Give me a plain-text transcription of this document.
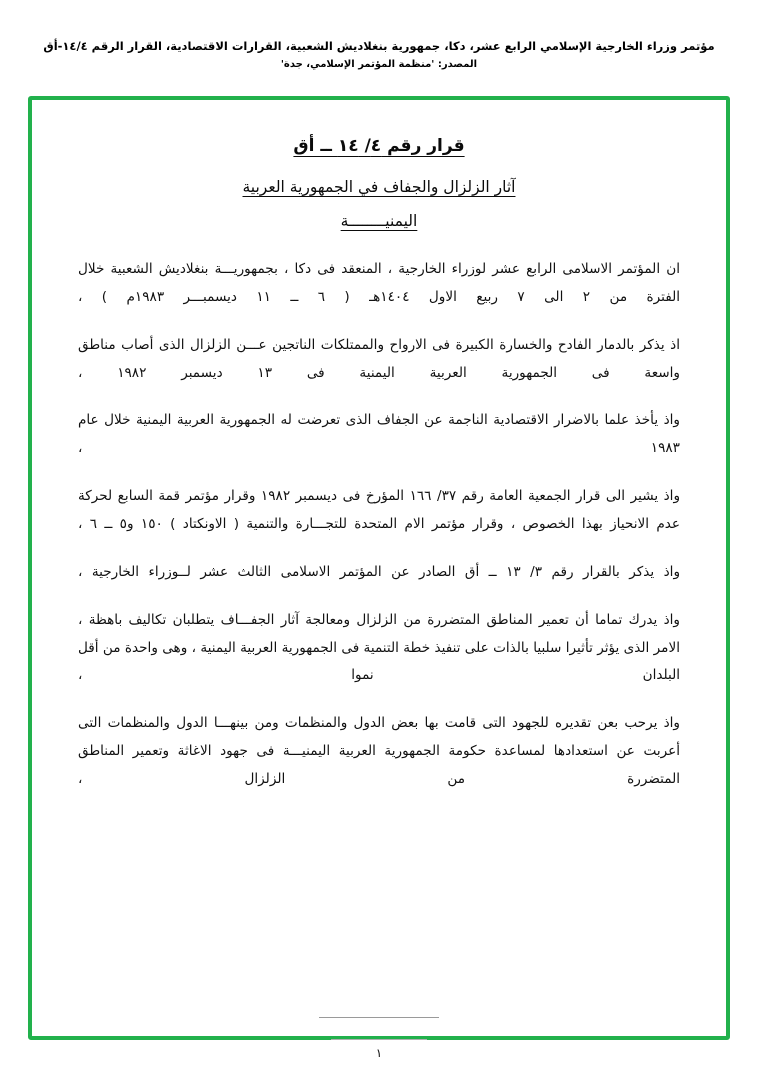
مؤتمر وزراء الخارجية الإسلامي الرابع عشر، دكا، جمهورية بنغلاديش الشعبية، القرارات الاقتصادية، القرار الرقم ١٤/٤-أق
المصدر: 'منظمة المؤتمر الإسلامي، جدة'
قرار رقم ٤/ ١٤ ــ أق
آثار الزلزال والجفاف في الجمهورية العربية
اليمنيــــــــة

ان المؤتمر الاسلامى الرابع عشر لوزراء الخارجية ، المنعقد فى دكا ، بجمهوريـــة بنغلاديش الشعبية خلال الفترة من ٢ الى ٧ ربيع الاول ١٤٠٤هـ ( ٦ ــ ١١ ديسمبـــر ١٩٨٣م ) ،

اذ يذكر بالدمار الفادح والخسارة الكبيرة فى الارواح والممتلكات الناتجين عـــن الزلزال الذى أصاب مناطق واسعة فى الجمهورية العربية اليمنية فى ١٣ ديسمبر ١٩٨٢ ،

واذ يأخذ علما بالاضرار الاقتصادية الناجمة عن الجفاف الذى تعرضت له الجمهورية العربية اليمنية خلال عام ١٩٨٣ ،

واذ يشير الى قرار الجمعية العامة رقم ٣٧/ ١٦٦ المؤرخ فى ديسمبر ١٩٨٢ وقرار مؤتمر قمة السابع لحركة عدم الانحياز بهذا الخصوص ، وقرار مؤتمر الام المتحدة للتجـــارة والتنمية ( الاونكتاد ) ١٥٠ و٥ ــ ٦ ،

واذ يذكر بالقرار رقم ٣/ ١٣ ــ أق الصادر عن المؤتمر الاسلامى الثالث عشر لــوزراء الخارجية ،

واذ يدرك تماما أن تعمير المناطق المتضررة من الزلزال ومعالجة آثار الجفـــاف يتطلبان تكاليف باهظة ، الامر الذى يؤثر تأثيرا سلبيا بالذات على تنفيذ خطة التنمية فى الجمهورية العربية اليمنية ، وهى واحدة من أقل البلدان نموا ،

واذ يرحب بعن تقديره للجهود التى قامت بها بعض الدول والمنظمات ومن بينهـــا الدول والمنظمات التى أعربت عن استعدادها لمساعدة حكومة الجمهورية العربية اليمنيـــة فى جهود الاغاثة وتعمير المناطق المتضررة من الزلزال ،

١
